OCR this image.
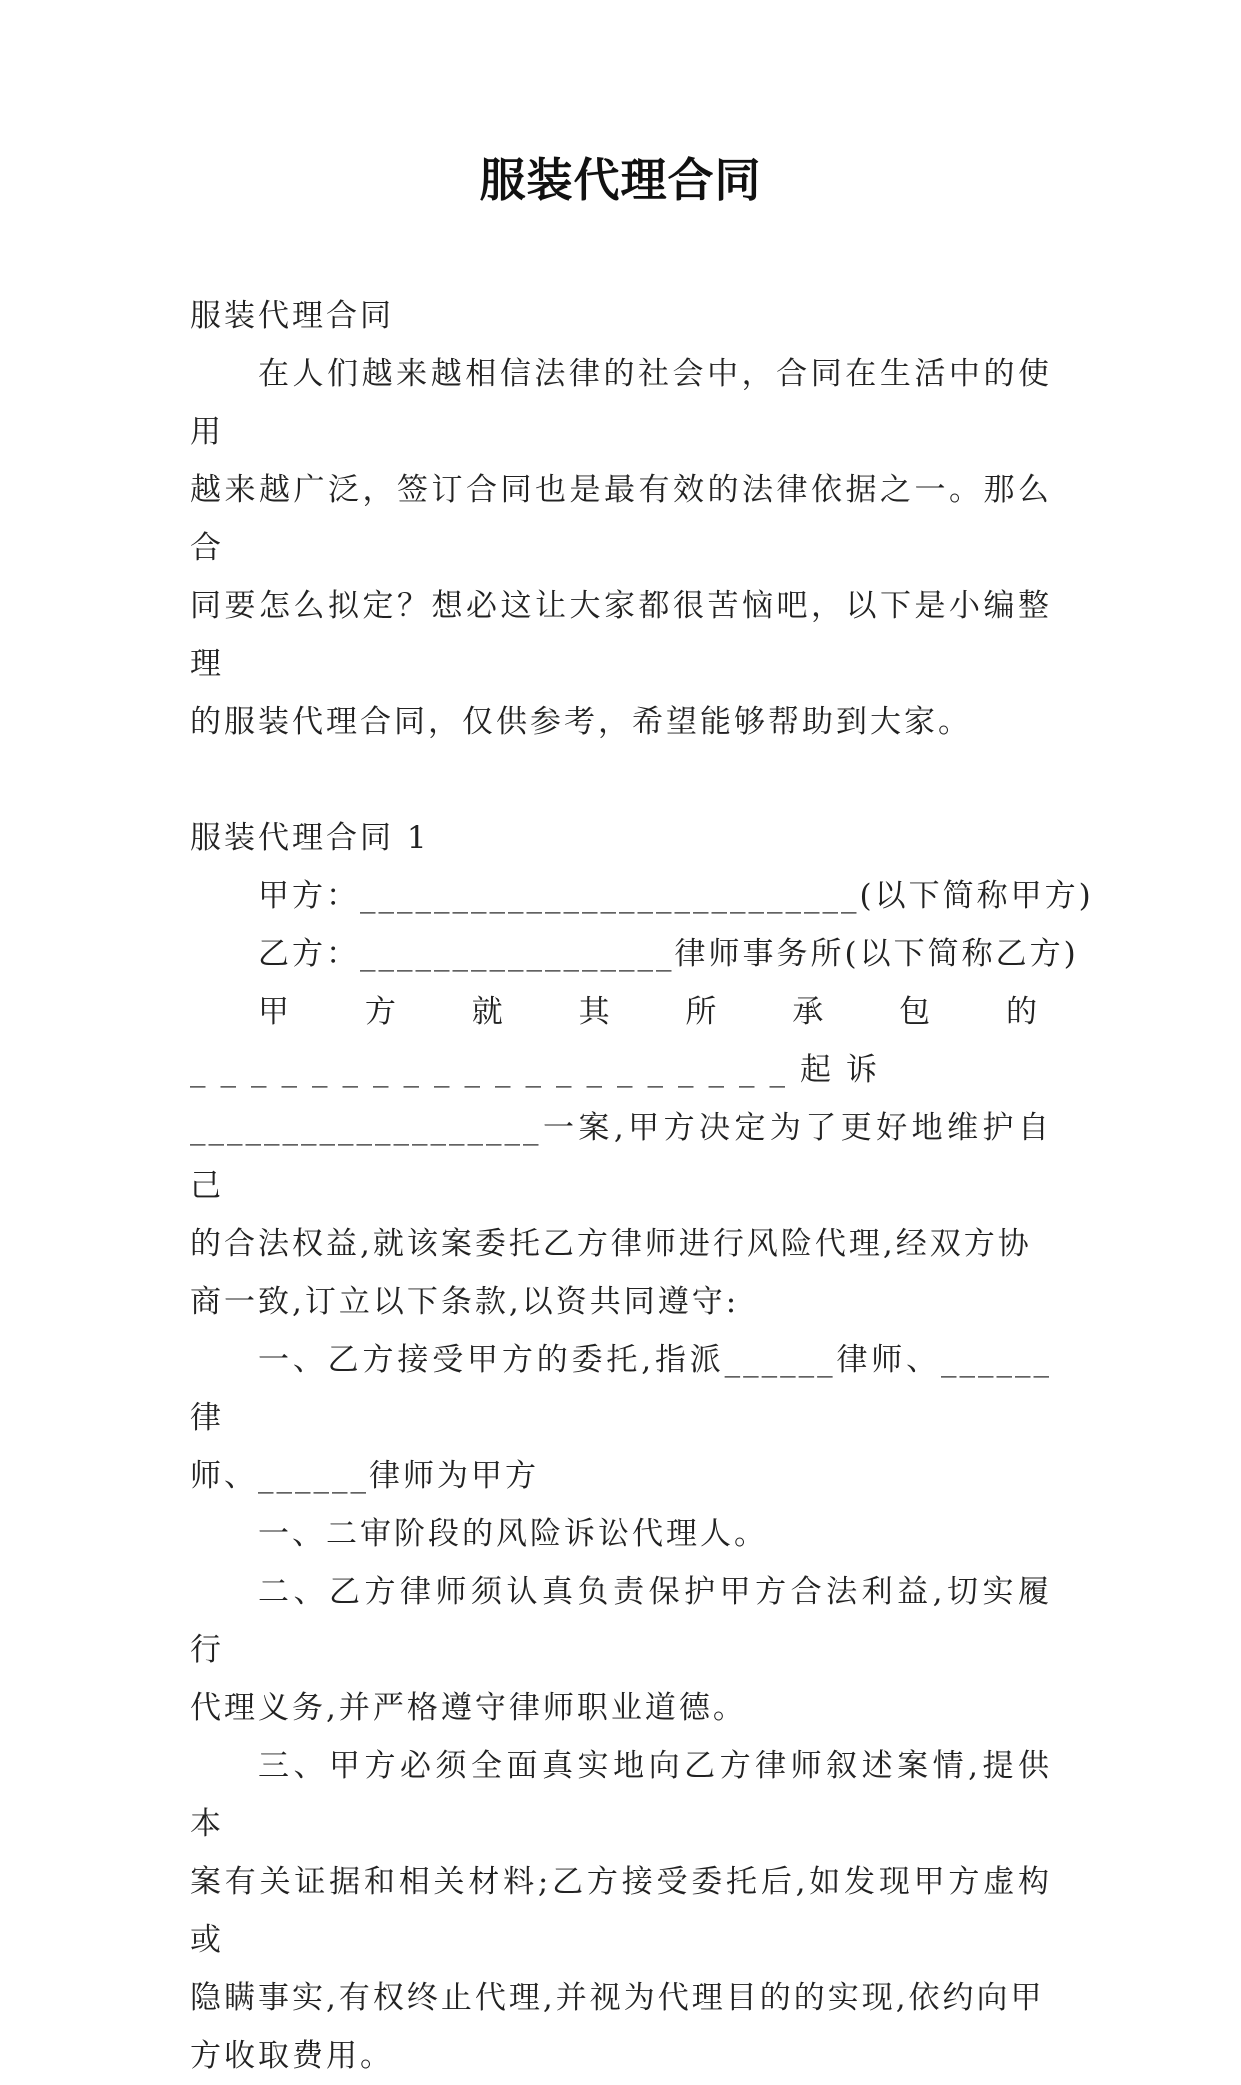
服装代理合同

服装代理合同

在人们越来越相信法律的社会中，合同在生活中的使用

越来越广泛，签订合同也是最有效的法律依据之一。那么合

同要怎么拟定？想必这让大家都很苦恼吧，以下是小编整理

的服装代理合同，仅供参考，希望能够帮助到大家。

服装代理合同 1

甲方：___________________________(以下简称甲方)

乙方：_________________律师事务所(以下简称乙方)

甲方就其所承包的____________________起诉

___________________一案,甲方决定为了更好地维护自己

的合法权益,就该案委托乙方律师进行风险代理,经双方协

商一致,订立以下条款,以资共同遵守:

一、乙方接受甲方的委托,指派______律师、______律

师、______律师为甲方

一、二审阶段的风险诉讼代理人。

二、乙方律师须认真负责保护甲方合法利益,切实履行

代理义务,并严格遵守律师职业道德。

三、甲方必须全面真实地向乙方律师叙述案情,提供本

案有关证据和相关材料;乙方接受委托后,如发现甲方虚构或

隐瞒事实,有权终止代理,并视为代理目的的实现,依约向甲

方收取费用。
